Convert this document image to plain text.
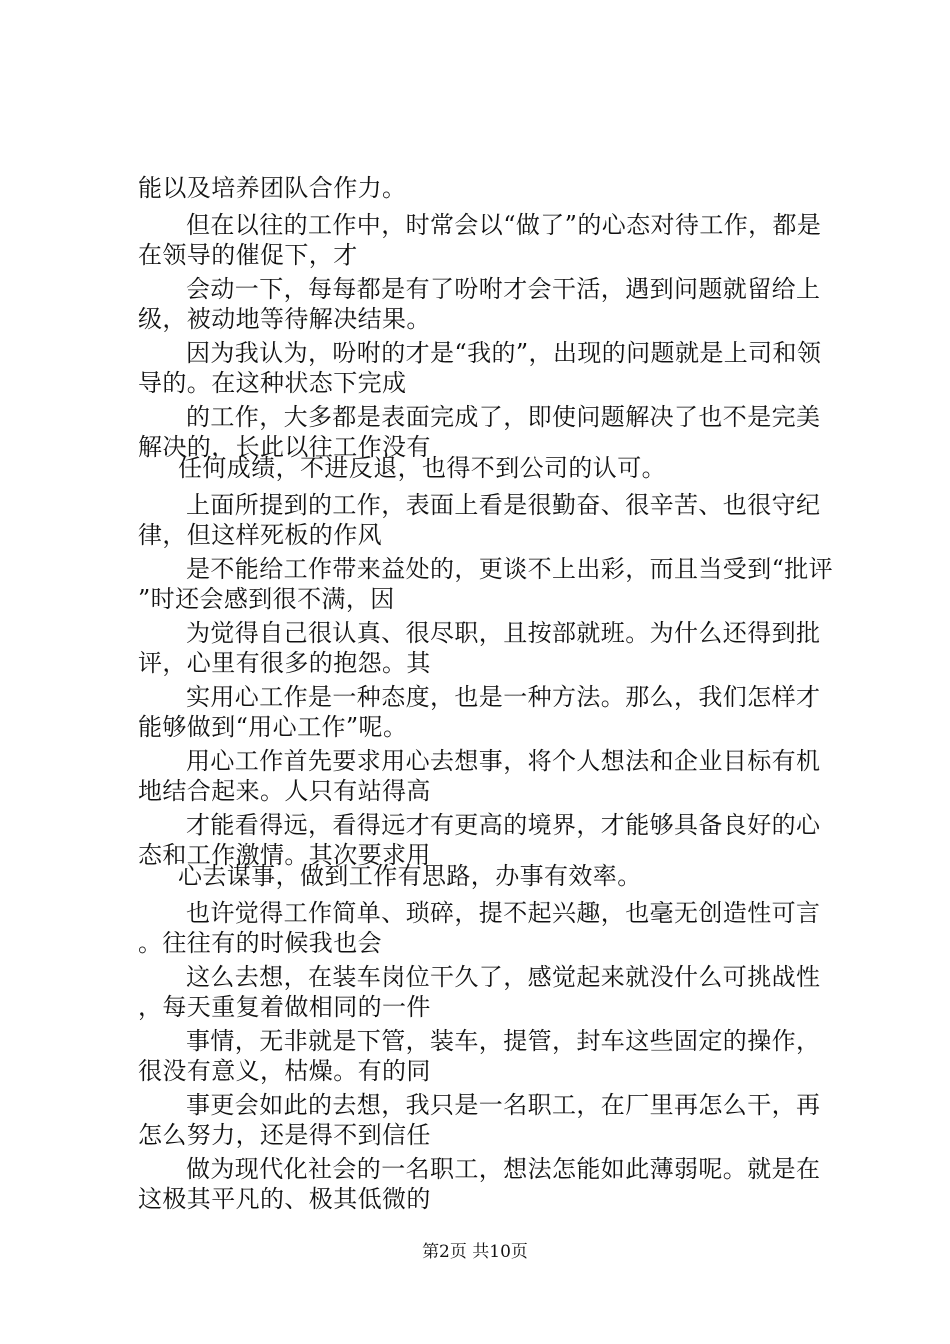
能以及培养团队合作力。
但在以往的工作中，时常会以“做了”的心态对待工作，都是
会动一下，每每都是有了吩咐才会干活，遇到问题就留给上
因为我认为，吩咐的才是“我的”，出现的问题就是上司和领
的工作，大多都是表面完成了，即使问题解决了也不是完美
任何成绩，不进反退，也得不到公司的认可。
上面所提到的工作，表面上看是很勤奋、很辛苦、也很守纪
是不能给工作带来益处的，更谈不上出彩，而且当受到“批评
为觉得自己很认真、很尽职，且按部就班。为什么还得到批
实用心工作是一种态度，也是一种方法。那么，我们怎样才
用心工作首先要求用心去想事，将个人想法和企业目标有机
才能看得远，看得远才有更高的境界，才能够具备良好的心
心去谋事，做到工作有思路，办事有效率。
也许觉得工作简单、琐碎，提不起兴趣，也毫无创造性可言
这么去想，在装车岗位干久了，感觉起来就没什么可挑战性
事情，无非就是下管，装车，提管，封车这些固定的操作，
事更会如此的去想，我只是一名职工，在厂里再怎么干，再
做为现代化社会的一名职工，想法怎能如此薄弱呢。就是在
在领导的催促下，才
级，被动地等待解决结果。
导的。在这种状态下完成
解决的，长此以往工作没有
律，但这样死板的作风
”时还会感到很不满，因
评，心里有很多的抱怨。其
能够做到“用心工作”呢。
地结合起来。人只有站得高
态和工作激情。其次要求用
。往往有的时候我也会
，每天重复着做相同的一件
很没有意义，枯燥。有的同
怎么努力，还是得不到信任
这极其平凡的、极其低微的
第2页 共10页
